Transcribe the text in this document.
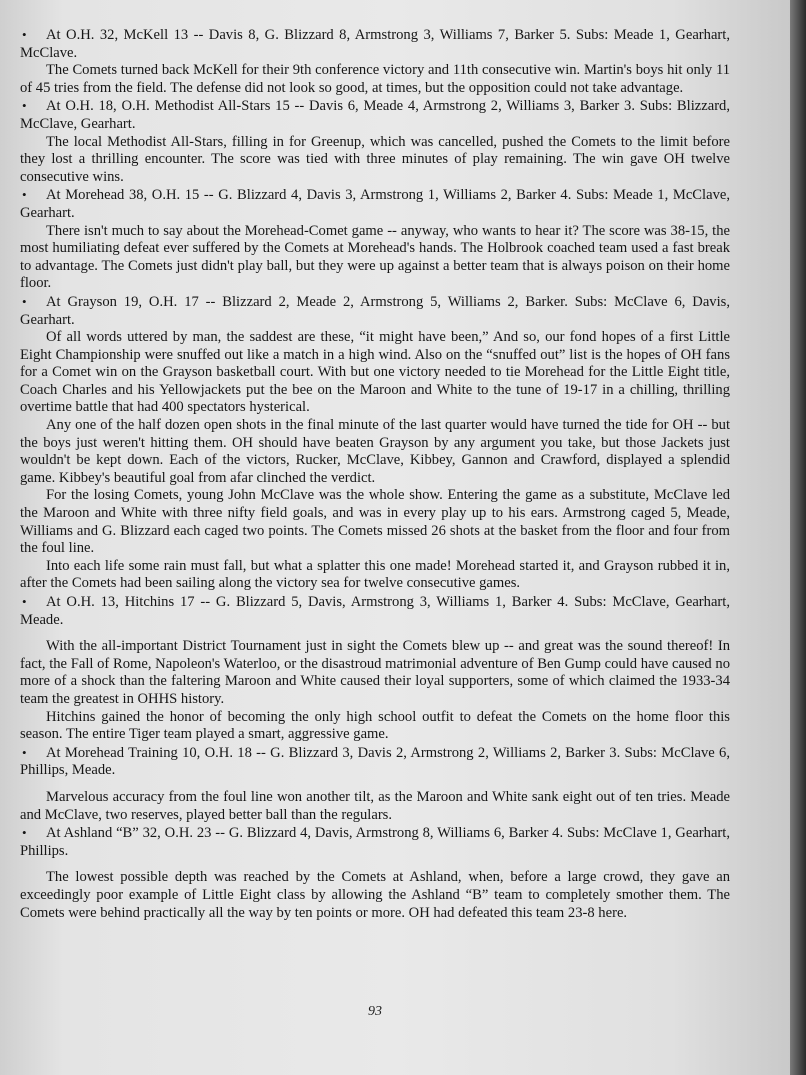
• At O.H. 32, McKell 13 -- Davis 8, G. Blizzard 8, Armstrong 3, Williams 7, Barker 5. Subs: Meade 1, Gearhart, McClave.

The Comets turned back McKell for their 9th conference victory and 11th consecutive win. Martin's boys hit only 11 of 45 tries from the field. The defense did not look so good, at times, but the opposition could not take advantage.

• At O.H. 18, O.H. Methodist All-Stars 15 -- Davis 6, Meade 4, Armstrong 2, Williams 3, Barker 3. Subs: Blizzard, McClave, Gearhart.

The local Methodist All-Stars, filling in for Greenup, which was cancelled, pushed the Comets to the limit before they lost a thrilling encounter. The score was tied with three minutes of play remaining. The win gave OH twelve consecutive wins.

• At Morehead 38, O.H. 15 -- G. Blizzard 4, Davis 3, Armstrong 1, Williams 2, Barker 4. Subs: Meade 1, McClave, Gearhart.

There isn't much to say about the Morehead-Comet game -- anyway, who wants to hear it? The score was 38-15, the most humiliating defeat ever suffered by the Comets at Morehead's hands. The Holbrook coached team used a fast break to advantage. The Comets just didn't play ball, but they were up against a better team that is always poison on their home floor.

• At Grayson 19, O.H. 17 -- Blizzard 2, Meade 2, Armstrong 5, Williams 2, Barker. Subs: McClave 6, Davis, Gearhart.

Of all words uttered by man, the saddest are these, “it might have been,” And so, our fond hopes of a first Little Eight Championship were snuffed out like a match in a high wind. Also on the “snuffed out” list is the hopes of OH fans for a Comet win on the Grayson basketball court. With but one victory needed to tie Morehead for the Little Eight title, Coach Charles and his Yellowjackets put the bee on the Maroon and White to the tune of 19-17 in a chilling, thrilling overtime battle that had 400 spectators hysterical.

Any one of the half dozen open shots in the final minute of the last quarter would have turned the tide for OH -- but the boys just weren't hitting them. OH should have beaten Grayson by any argument you take, but those Jackets just wouldn't be kept down. Each of the victors, Rucker, McClave, Kibbey, Gannon and Crawford, displayed a splendid game. Kibbey's beautiful goal from afar clinched the verdict.

For the losing Comets, young John McClave was the whole show. Entering the game as a substitute, McClave led the Maroon and White with three nifty field goals, and was in every play up to his ears. Armstrong caged 5, Meade, Williams and G. Blizzard each caged two points. The Comets missed 26 shots at the basket from the floor and four from the foul line.

Into each life some rain must fall, but what a splatter this one made! Morehead started it, and Grayson rubbed it in, after the Comets had been sailing along the victory sea for twelve consecutive games.

• At O.H. 13, Hitchins 17 -- G. Blizzard 5, Davis, Armstrong 3, Williams 1, Barker 4. Subs: McClave, Gearhart, Meade.

With the all-important District Tournament just in sight the Comets blew up -- and great was the sound thereof! In fact, the Fall of Rome, Napoleon's Waterloo, or the disastroud matrimonial adventure of Ben Gump could have caused no more of a shock than the faltering Maroon and White caused their loyal supporters, some of which claimed the 1933-34 team the greatest in OHHS history.

Hitchins gained the honor of becoming the only high school outfit to defeat the Comets on the home floor this season. The entire Tiger team played a smart, aggressive game.

• At Morehead Training 10, O.H. 18 -- G. Blizzard 3, Davis 2, Armstrong 2, Williams 2, Barker 3. Subs: McClave 6, Phillips, Meade.

Marvelous accuracy from the foul line won another tilt, as the Maroon and White sank eight out of ten tries. Meade and McClave, two reserves, played better ball than the regulars.

• At Ashland “B” 32, O.H. 23 -- G. Blizzard 4, Davis, Armstrong 8, Williams 6, Barker 4. Subs: McClave 1, Gearhart, Phillips.

The lowest possible depth was reached by the Comets at Ashland, when, before a large crowd, they gave an exceedingly poor example of Little Eight class by allowing the Ashland “B” team to completely smother them. The Comets were behind practically all the way by ten points or more. OH had defeated this team 23-8 here.

93
